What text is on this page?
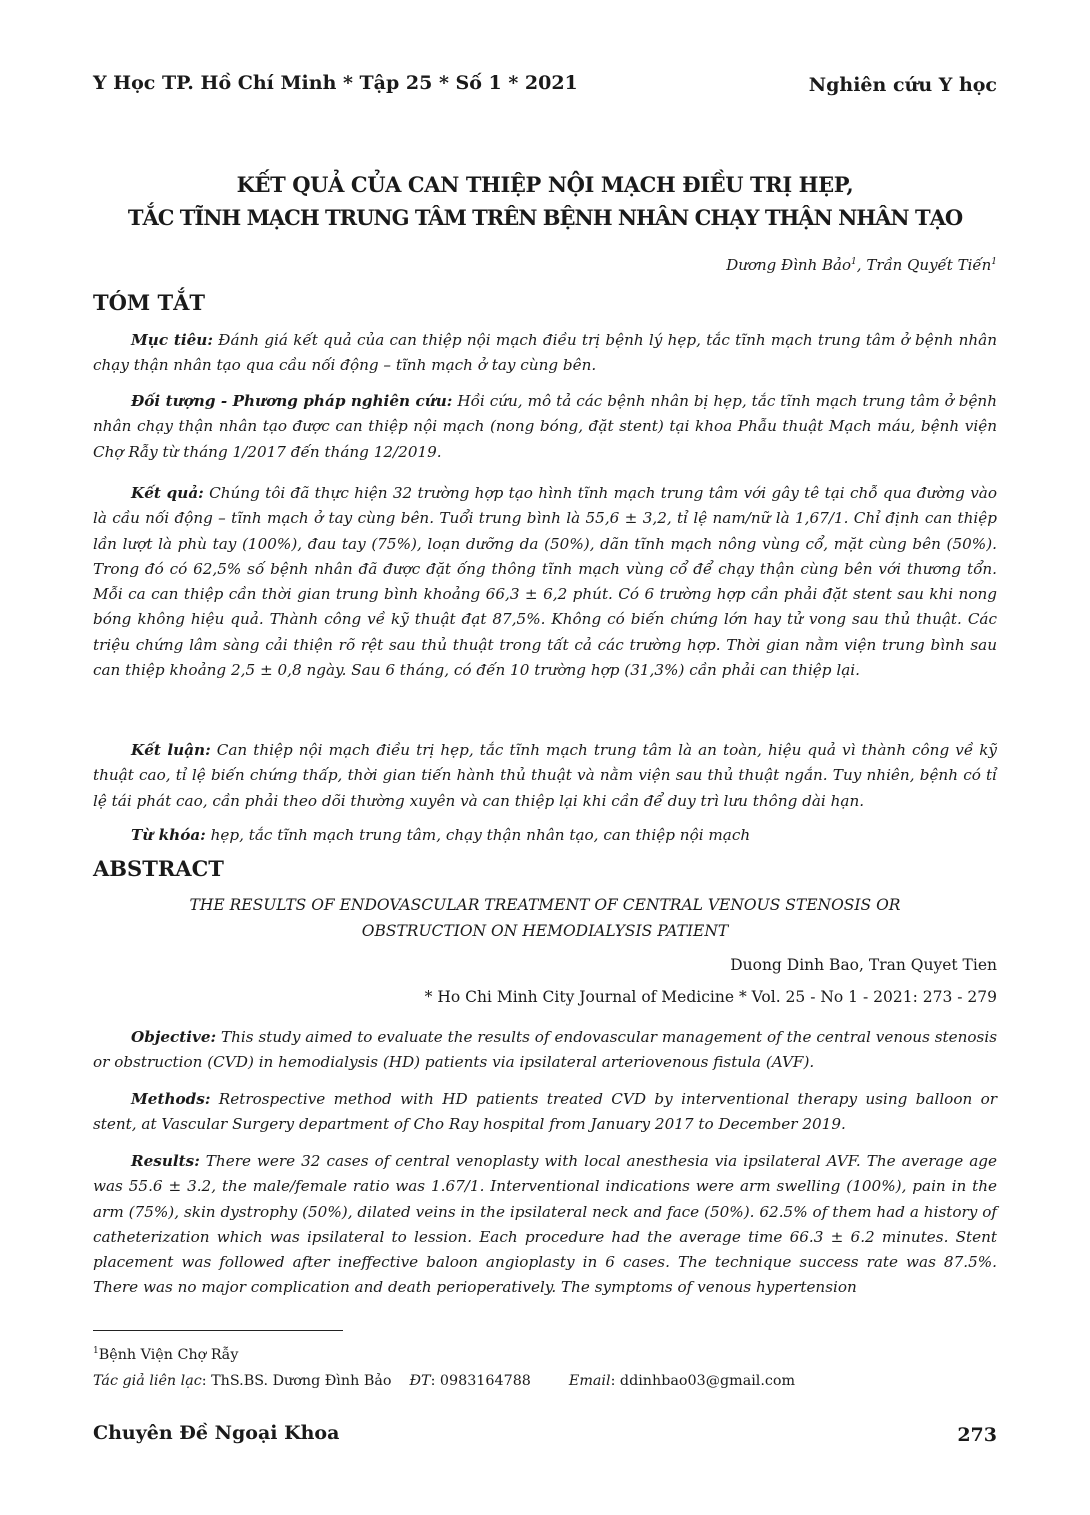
Y Học TP. Hồ Chí Minh * Tập 25 * Số 1 * 2021	Nghiên cứu Y học
KẾT QUẢ CỦA CAN THIỆP NỘI MẠCH ĐIỀU TRỊ HẸP,
TẮC TĨNH MẠCH TRUNG TÂM TRÊN BỆNH NHÂN CHẠY THẬN NHÂN TẠO
Dương Đình Bảo$^1$, Trần Quyết Tiến$^1$
TÓM TẮT

Mục tiêu: Đánh giá kết quả của can thiệp nội mạch điều trị bệnh lý hẹp, tắc tĩnh mạch trung tâm ở bệnh nhân chạy thận nhân tạo qua cầu nối động – tĩnh mạch ở tay cùng bên.

Đối tượng - Phương pháp nghiên cứu: Hồi cứu, mô tả các bệnh nhân bị hẹp, tắc tĩnh mạch trung tâm ở bệnh nhân chạy thận nhân tạo được can thiệp nội mạch (nong bóng, đặt stent) tại khoa Phẫu thuật Mạch máu, bệnh viện Chợ Rẫy từ tháng 1/2017 đến tháng 12/2019.

Kết quả: Chúng tôi đã thực hiện 32 trường hợp tạo hình tĩnh mạch trung tâm với gây tê tại chỗ qua đường vào là cầu nối động – tĩnh mạch ở tay cùng bên. Tuổi trung bình là 55,6 ± 3,2, tỉ lệ nam/nữ là 1,67/1. Chỉ định can thiệp lần lượt là phù tay (100%), đau tay (75%), loạn dưỡng da (50%), dãn tĩnh mạch nông vùng cổ, mặt cùng bên (50%). Trong đó có 62,5% số bệnh nhân đã được đặt ống thông tĩnh mạch vùng cổ để chạy thận cùng bên với thương tổn. Mỗi ca can thiệp cần thời gian trung bình khoảng 66,3 ± 6,2 phút. Có 6 trường hợp cần phải đặt stent sau khi nong bóng không hiệu quả. Thành công về kỹ thuật đạt 87,5%. Không có biến chứng lớn hay tử vong sau thủ thuật. Các triệu chứng lâm sàng cải thiện rõ rệt sau thủ thuật trong tất cả các trường hợp. Thời gian nằm viện trung bình sau can thiệp khoảng 2,5 ± 0,8 ngày. Sau 6 tháng, có đến 10 trường hợp (31,3%) cần phải can thiệp lại.

Kết luận: Can thiệp nội mạch điều trị hẹp, tắc tĩnh mạch trung tâm là an toàn, hiệu quả vì thành công về kỹ thuật cao, tỉ lệ biến chứng thấp, thời gian tiến hành thủ thuật và nằm viện sau thủ thuật ngắn. Tuy nhiên, bệnh có tỉ lệ tái phát cao, cần phải theo dõi thường xuyên và can thiệp lại khi cần để duy trì lưu thông dài hạn.

Từ khóa: hẹp, tắc tĩnh mạch trung tâm, chạy thận nhân tạo, can thiệp nội mạch

ABSTRACT
THE RESULTS OF ENDOVASCULAR TREATMENT OF CENTRAL VENOUS STENOSIS OR
OBSTRUCTION ON HEMODIALYSIS PATIENT
Duong Dinh Bao, Tran Quyet Tien
* Ho Chi Minh City Journal of Medicine * Vol. 25 - No 1 - 2021: 273 - 279

Objective: This study aimed to evaluate the results of endovascular management of the central venous stenosis or obstruction (CVD) in hemodialysis (HD) patients via ipsilateral arteriovenous fistula (AVF).

Methods: Retrospective method with HD patients treated CVD by interventional therapy using balloon or stent, at Vascular Surgery department of Cho Ray hospital from January 2017 to December 2019.

Results: There were 32 cases of central venoplasty with local anesthesia via ipsilateral AVF. The average age was 55.6 ± 3.2, the male/female ratio was 1.67/1. Interventional indications were arm swelling (100%), pain in the arm (75%), skin dystrophy (50%), dilated veins in the ipsilateral neck and face (50%). 62.5% of them had a history of catheterization which was ipsilateral to lession. Each procedure had the average time 66.3 ± 6.2 minutes. Stent placement was followed after ineffective baloon angioplasty in 6 cases. The technique success rate was 87.5%. There was no major complication and death perioperatively. The symptoms of venous hypertension

$^1$Bệnh Viện Chợ Rẫy
Tác giả liên lạc: ThS.BS. Dương Đình Bảo ĐT: 0983164788	Email: ddinhbao03@gmail.com
Chuyên Đề Ngoại Khoa	273
